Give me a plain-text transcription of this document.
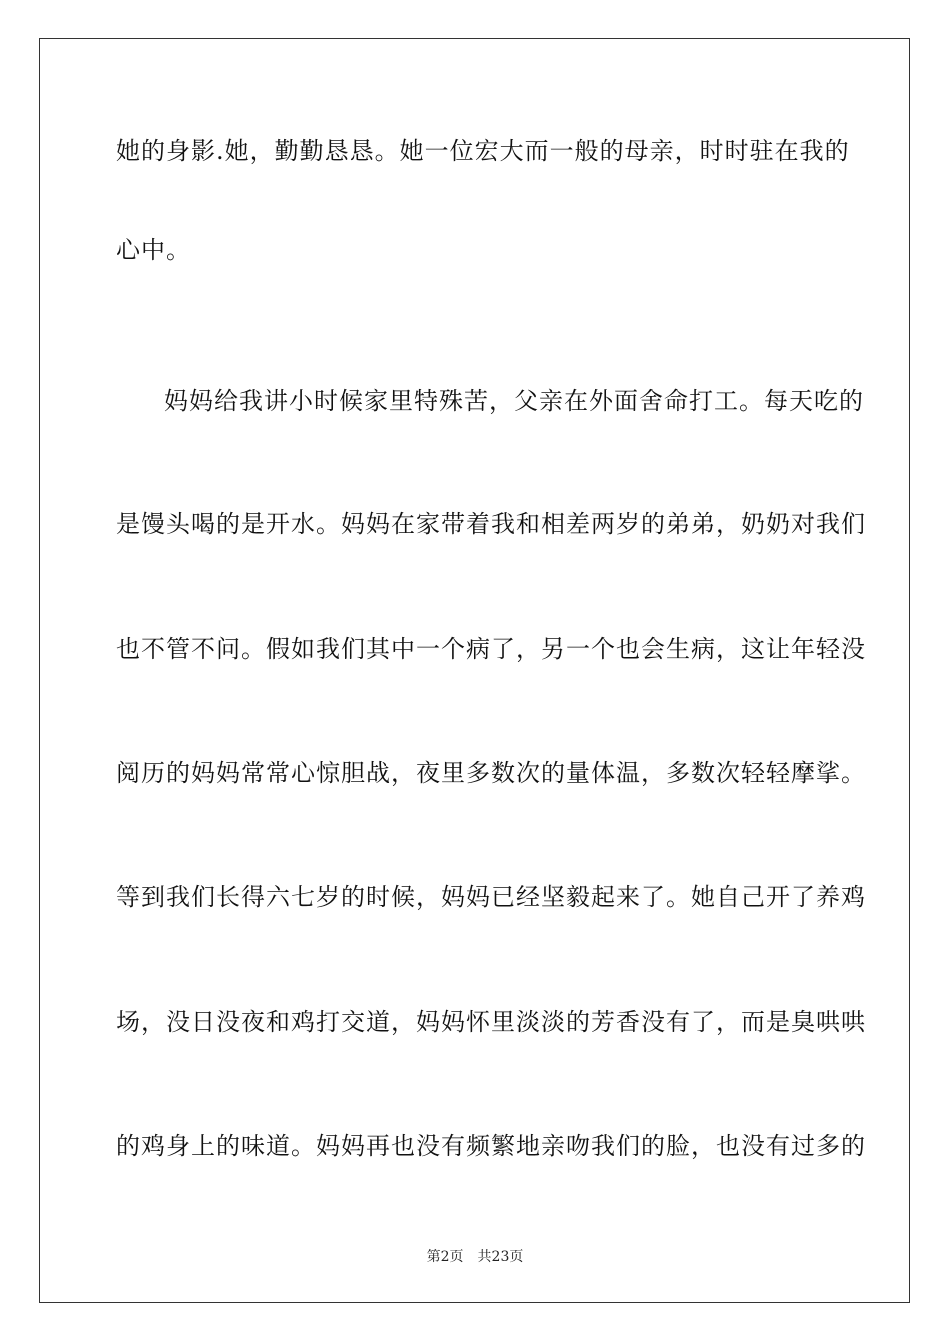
她的身影.她，勤勤恳恳。她一位宏大而一般的母亲，时时驻在我的
心中。
妈妈给我讲小时候家里特殊苦，父亲在外面舍命打工。每天吃的
是馒头喝的是开水。妈妈在家带着我和相差两岁的弟弟，奶奶对我们
也不管不问。假如我们其中一个病了，另一个也会生病，这让年轻没
阅历的妈妈常常心惊胆战，夜里多数次的量体温，多数次轻轻摩挲。
等到我们长得六七岁的时候，妈妈已经坚毅起来了。她自己开了养鸡
场，没日没夜和鸡打交道，妈妈怀里淡淡的芳香没有了，而是臭哄哄
的鸡身上的味道。妈妈再也没有频繁地亲吻我们的脸，也没有过多的
第2页 共23页
